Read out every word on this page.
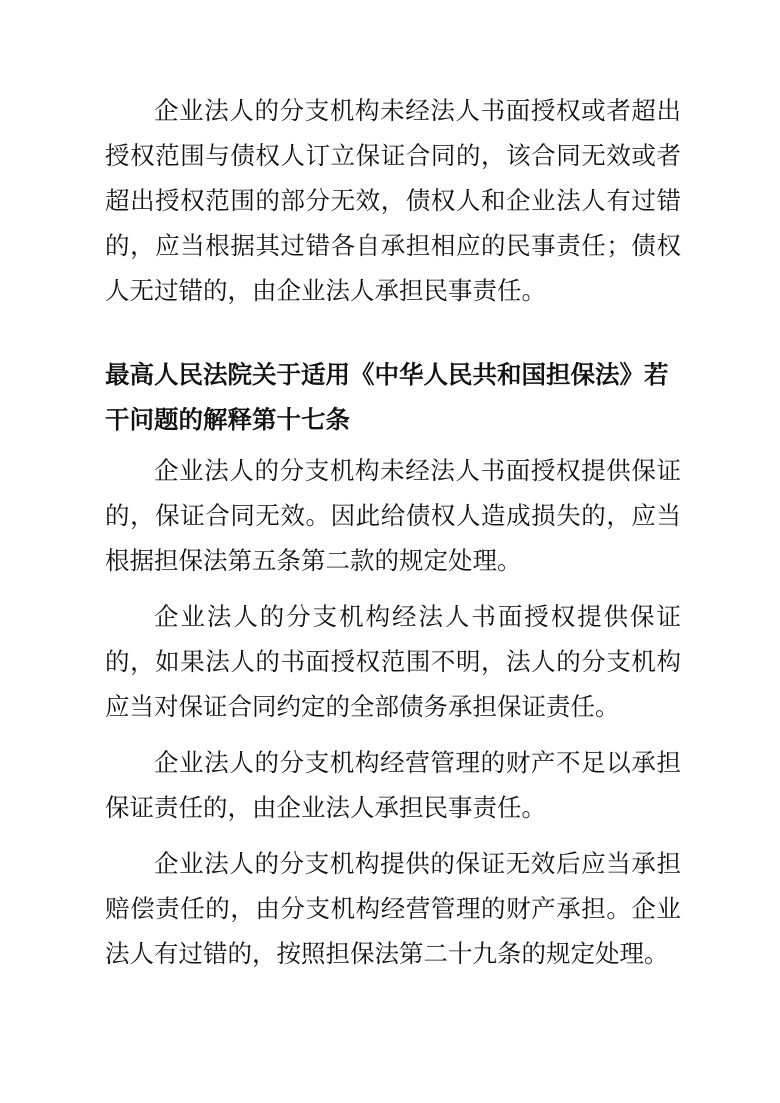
企业法人的分支机构未经法人书面授权或者超出授权范围与债权人订立保证合同的，该合同无效或者超出授权范围的部分无效，债权人和企业法人有过错的，应当根据其过错各自承担相应的民事责任；债权人无过错的，由企业法人承担民事责任。

最高人民法院关于适用《中华人民共和国担保法》若干问题的解释第十七条

企业法人的分支机构未经法人书面授权提供保证的，保证合同无效。因此给债权人造成损失的，应当根据担保法第五条第二款的规定处理。

企业法人的分支机构经法人书面授权提供保证的，如果法人的书面授权范围不明，法人的分支机构应当对保证合同约定的全部债务承担保证责任。

企业法人的分支机构经营管理的财产不足以承担保证责任的，由企业法人承担民事责任。

企业法人的分支机构提供的保证无效后应当承担赔偿责任的，由分支机构经营管理的财产承担。企业法人有过错的，按照担保法第二十九条的规定处理。
